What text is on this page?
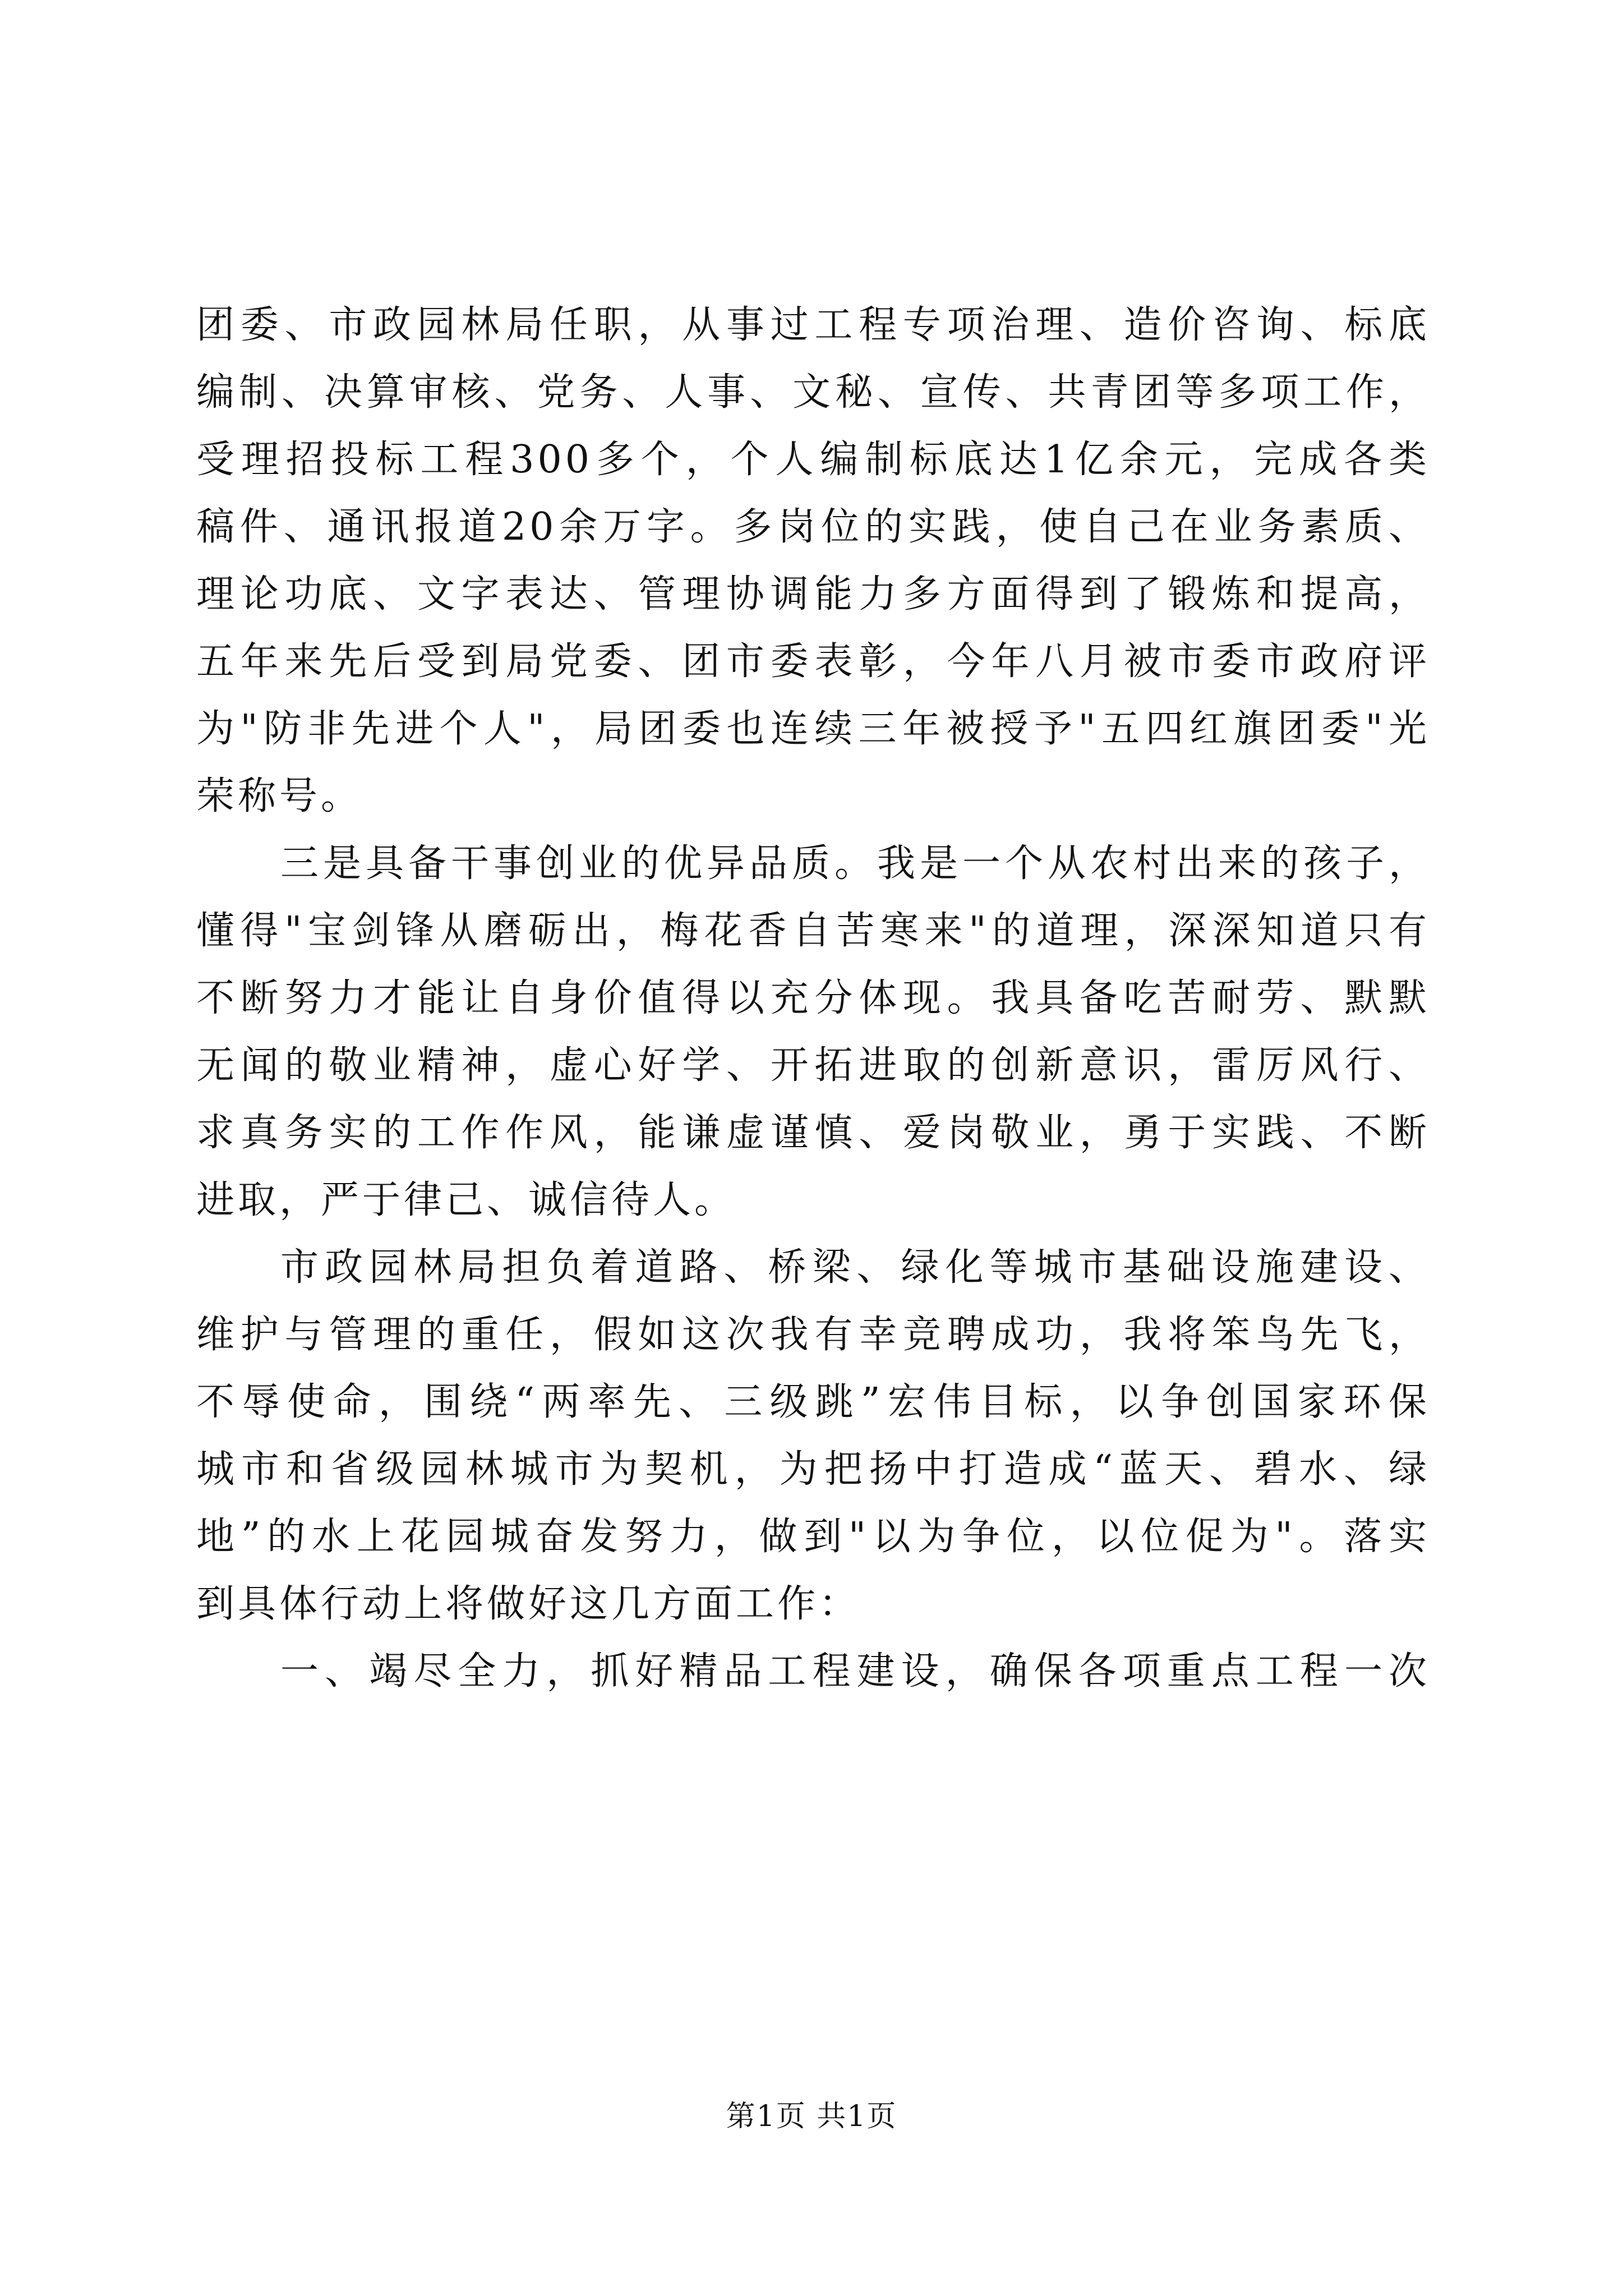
团委、市政园林局任职，从事过工程专项治理、造价咨询、标底
编制、决算审核、党务、人事、文秘、宣传、共青团等多项工作，
受理招投标工程300多个，个人编制标底达1亿余元，完成各类
稿件、通讯报道20余万字。多岗位的实践，使自己在业务素质、
理论功底、文字表达、管理协调能力多方面得到了锻炼和提高，
五年来先后受到局党委、团市委表彰，今年八月被市委市政府评
为"防非先进个人"，局团委也连续三年被授予"五四红旗团委"光
荣称号。
三是具备干事创业的优异品质。我是一个从农村出来的孩子，
懂得"宝剑锋从磨砺出，梅花香自苦寒来"的道理，深深知道只有
不断努力才能让自身价值得以充分体现。我具备吃苦耐劳、默默
无闻的敬业精神，虚心好学、开拓进取的创新意识，雷厉风行、
求真务实的工作作风，能谦虚谨慎、爱岗敬业，勇于实践、不断
进取，严于律己、诚信待人。
市政园林局担负着道路、桥梁、绿化等城市基础设施建设、
维护与管理的重任，假如这次我有幸竞聘成功，我将笨鸟先飞，
不辱使命，围绕“两率先、三级跳”宏伟目标，以争创国家环保
城市和省级园林城市为契机，为把扬中打造成“蓝天、碧水、绿
地”的水上花园城奋发努力，做到"以为争位，以位促为"。落实
到具体行动上将做好这几方面工作：
一、竭尽全力，抓好精品工程建设，确保各项重点工程一次
第1页 共1页
